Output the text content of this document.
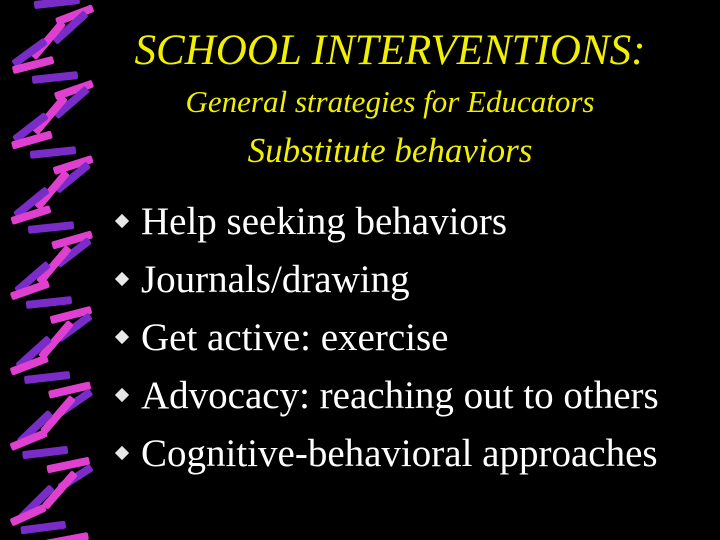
SCHOOL INTERVENTIONS:
General strategies for Educators
Substitute behaviors
Help seeking behaviors
Journals/drawing
Get active: exercise
Advocacy: reaching out to others
Cognitive-behavioral approaches
